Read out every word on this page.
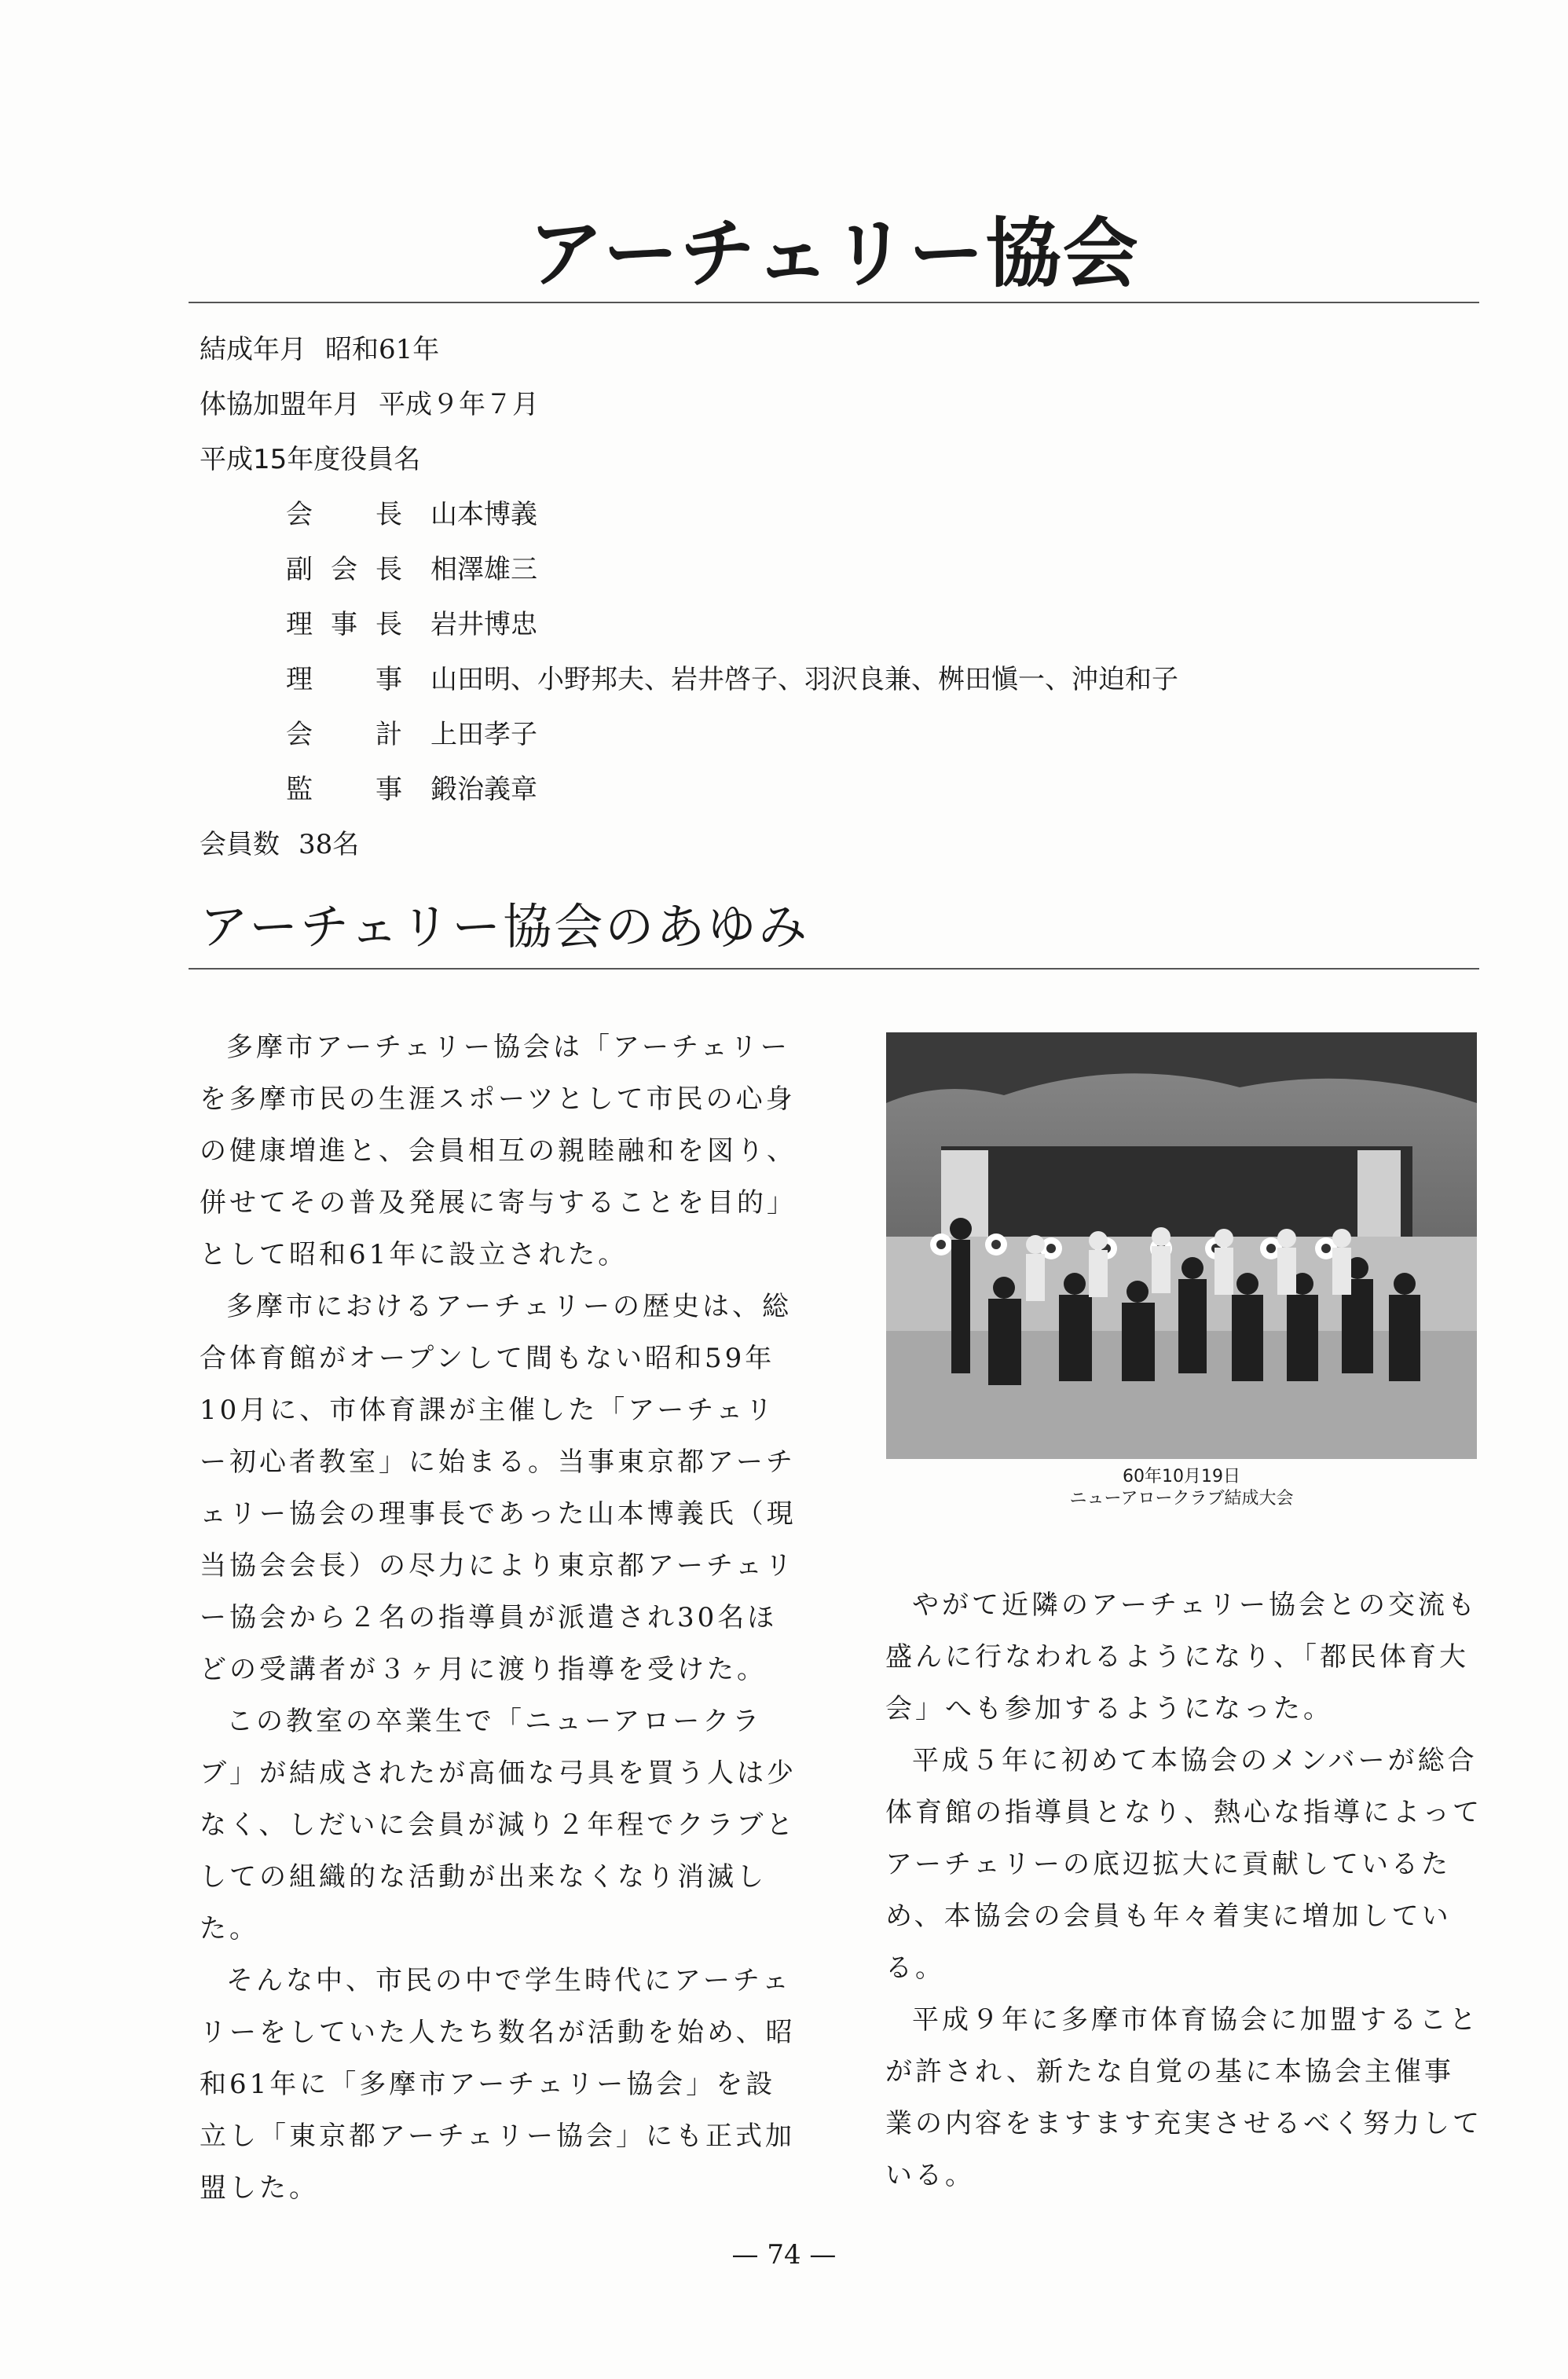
アーチェリー協会
結成年月 昭和61年
体協加盟年月 平成９年７月
平成15年度役員名
会長 山本博義
副会長 相澤雄三
理事長 岩井博忠
理事 山田明、小野邦夫、岩井啓子、羽沢良兼、桝田愼一、沖迫和子
会計 上田孝子
監事 鍛治義章
会員数 38名
アーチェリー協会のあゆみ

多摩市アーチェリー協会は「アーチェリーを多摩市民の生涯スポーツとして市民の心身の健康増進と、会員相互の親睦融和を図り、併せてその普及発展に寄与することを目的」として昭和61年に設立された。

多摩市におけるアーチェリーの歴史は、総合体育館がオープンして間もない昭和59年10月に、市体育課が主催した「アーチェリー初心者教室」に始まる。当事東京都アーチェリー協会の理事長であった山本博義氏（現当協会会長）の尽力により東京都アーチェリー協会から２名の指導員が派遣され30名ほどの受講者が３ヶ月に渡り指導を受けた。

この教室の卒業生で「ニューアロークラブ」が結成されたが高価な弓具を買う人は少なく、しだいに会員が減り２年程でクラブとしての組織的な活動が出来なくなり消滅した。

そんな中、市民の中で学生時代にアーチェリーをしていた人たち数名が活動を始め、昭和61年に「多摩市アーチェリー協会」を設立し「東京都アーチェリー協会」にも正式加盟した。

60年10月19日
ニューアロークラブ結成大会

やがて近隣のアーチェリー協会との交流も盛んに行なわれるようになり、「都民体育大会」へも参加するようになった。

平成５年に初めて本協会のメンバーが総合体育館の指導員となり、熱心な指導によってアーチェリーの底辺拡大に貢献しているため、本協会の会員も年々着実に増加している。

平成９年に多摩市体育協会に加盟することが許され、新たな自覚の基に本協会主催事業の内容をますます充実させるべく努力している。

— 74 —
